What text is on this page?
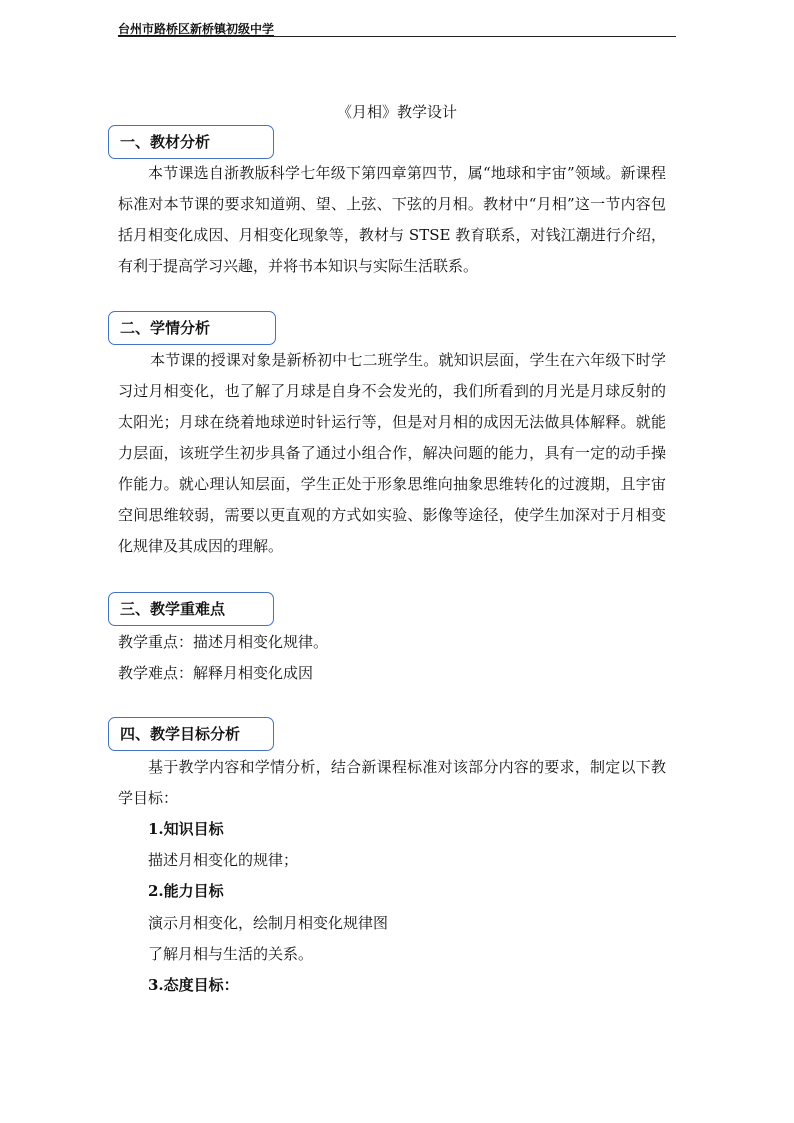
台州市路桥区新桥镇初级中学
《月相》教学设计
一、教材分析

本节课选自浙教版科学七年级下第四章第四节，属“地球和宇宙”领域。新课程标准对本节课的要求知道朔、望、上弦、下弦的月相。教材中“月相”这一节内容包括月相变化成因、月相变化现象等，教材与 STSE 教育联系，对钱江潮进行介绍，有利于提高学习兴趣，并将书本知识与实际生活联系。

二、学情分析

本节课的授课对象是新桥初中七二班学生。就知识层面，学生在六年级下时学习过月相变化，也了解了月球是自身不会发光的，我们所看到的月光是月球反射的太阳光；月球在绕着地球逆时针运行等，但是对月相的成因无法做具体解释。就能力层面，该班学生初步具备了通过小组合作，解决问题的能力，具有一定的动手操作能力。就心理认知层面，学生正处于形象思维向抽象思维转化的过渡期，且宇宙空间思维较弱，需要以更直观的方式如实验、影像等途径，使学生加深对于月相变化规律及其成因的理解。

三、教学重难点
教学重点：描述月相变化规律。
教学难点：解释月相变化成因
四、教学目标分析

基于教学内容和学情分析，结合新课程标准对该部分内容的要求，制定以下教学目标：

1.知识目标
描述月相变化的规律；
2.能力目标
演示月相变化，绘制月相变化规律图
了解月相与生活的关系。
3.态度目标：
